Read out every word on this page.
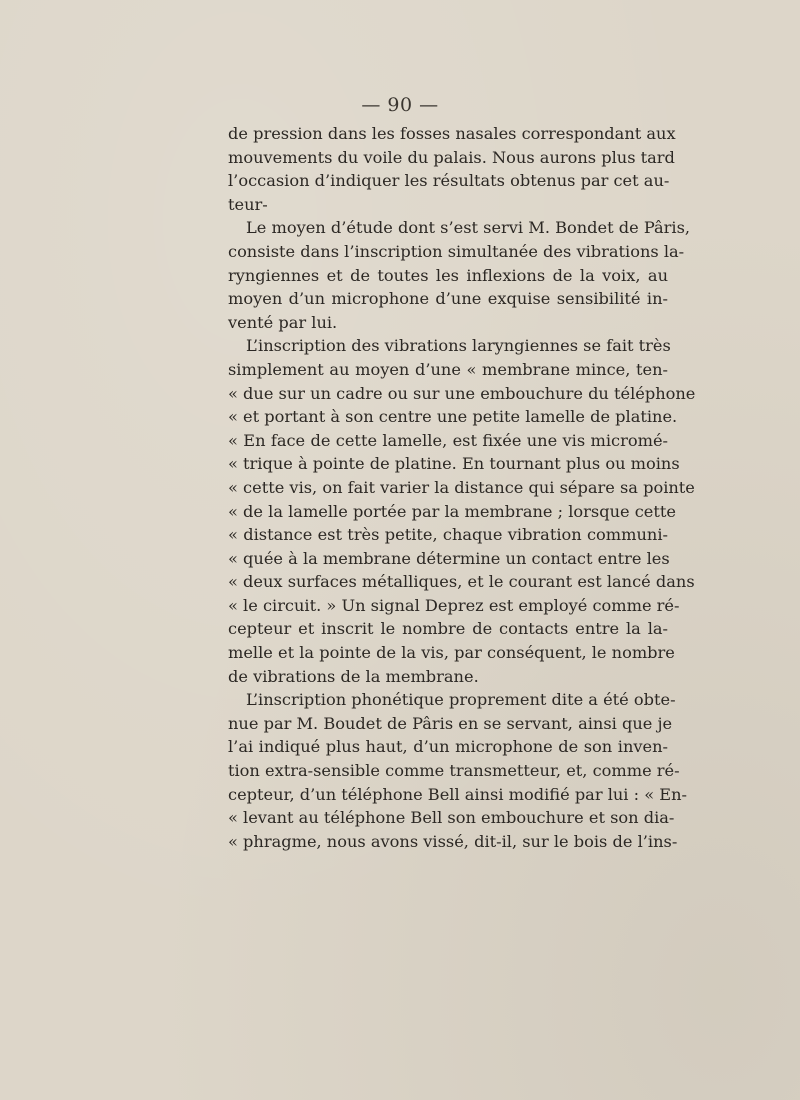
— 90 —
de pression dans les fosses nasales correspondant aux
mouvements du voile du palais. Nous aurons plus tard
l’occasion d’indiquer les résultats obtenus par cet au-
teur-
Le moyen d’étude dont s’est servi M. Bondet de Pâris,
consiste dans l’inscription simultanée des vibrations la-
ryngiennes et de toutes les inflexions de la voix, au
moyen d’un microphone d’une exquise sensibilité in-
venté par lui.
L’inscription des vibrations laryngiennes se fait très
simplement au moyen d’une « membrane mince, ten-
« due sur un cadre ou sur une embouchure du téléphone
« et portant à son centre une petite lamelle de platine.
« En face de cette lamelle, est fixée une vis micromé-
« trique à pointe de platine. En tournant plus ou moins
« cette vis, on fait varier la distance qui sépare sa pointe
« de la lamelle portée par la membrane ; lorsque cette
« distance est très petite, chaque vibration communi-
« quée à la membrane détermine un contact entre les
« deux surfaces métalliques, et le courant est lancé dans
« le circuit. » Un signal Deprez est employé comme ré-
cepteur et inscrit le nombre de contacts entre la la-
melle et la pointe de la vis, par conséquent, le nombre
de vibrations de la membrane.
L’inscription phonétique proprement dite a été obte-
nue par M. Boudet de Pâris en se servant, ainsi que je
l’ai indiqué plus haut, d’un microphone de son inven-
tion extra-sensible comme transmetteur, et, comme ré-
cepteur, d’un téléphone Bell ainsi modifié par lui : « En-
« levant au téléphone Bell son embouchure et son dia-
« phragme, nous avons vissé, dit-il, sur le bois de l’ins-
